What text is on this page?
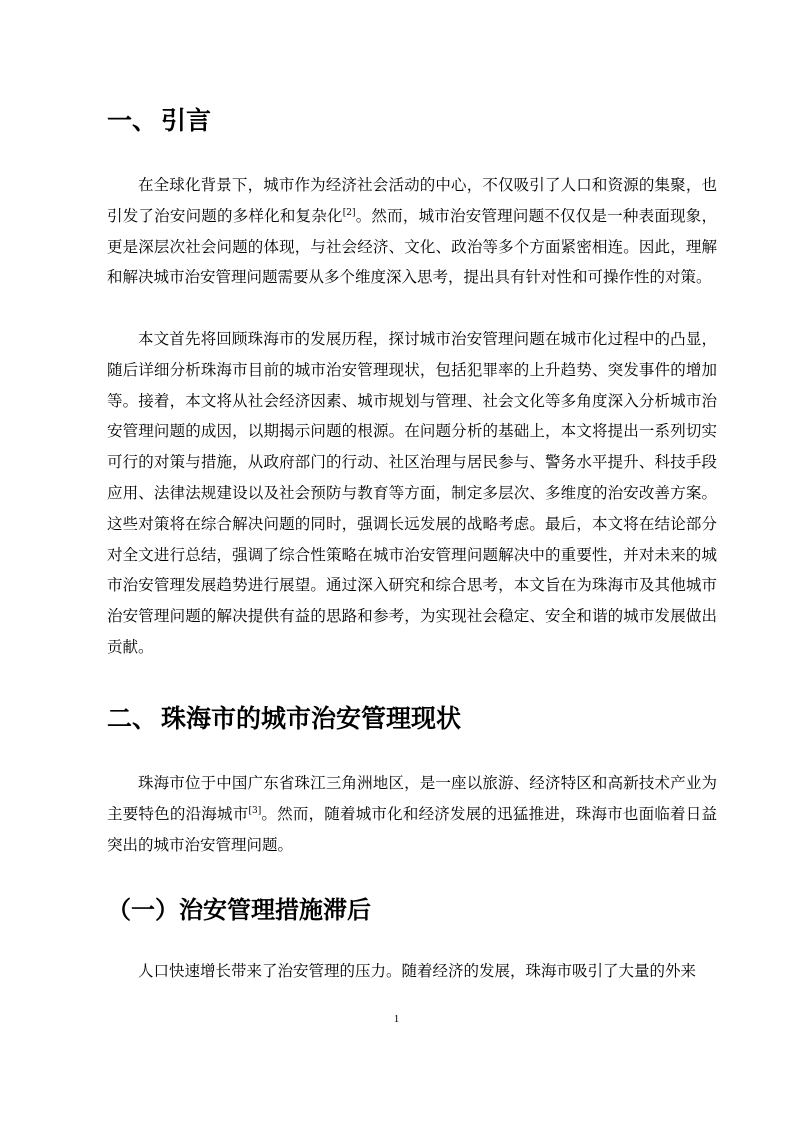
一、 引言

在全球化背景下，城市作为经济社会活动的中心，不仅吸引了人口和资源的集聚，也引发了治安问题的多样化和复杂化[2]。然而，城市治安管理问题不仅仅是一种表面现象，更是深层次社会问题的体现，与社会经济、文化、政治等多个方面紧密相连。因此，理解和解决城市治安管理问题需要从多个维度深入思考，提出具有针对性和可操作性的对策。

本文首先将回顾珠海市的发展历程，探讨城市治安管理问题在城市化过程中的凸显，随后详细分析珠海市目前的城市治安管理现状，包括犯罪率的上升趋势、突发事件的增加等。接着，本文将从社会经济因素、城市规划与管理、社会文化等多角度深入分析城市治安管理问题的成因，以期揭示问题的根源。在问题分析的基础上，本文将提出一系列切实可行的对策与措施，从政府部门的行动、社区治理与居民参与、警务水平提升、科技手段应用、法律法规建设以及社会预防与教育等方面，制定多层次、多维度的治安改善方案。这些对策将在综合解决问题的同时，强调长远发展的战略考虑。最后，本文将在结论部分对全文进行总结，强调了综合性策略在城市治安管理问题解决中的重要性，并对未来的城市治安管理发展趋势进行展望。通过深入研究和综合思考，本文旨在为珠海市及其他城市治安管理问题的解决提供有益的思路和参考，为实现社会稳定、安全和谐的城市发展做出贡献。

二、 珠海市的城市治安管理现状

珠海市位于中国广东省珠江三角洲地区，是一座以旅游、经济特区和高新技术产业为主要特色的沿海城市[3]。然而，随着城市化和经济发展的迅猛推进，珠海市也面临着日益突出的城市治安管理问题。

（一）治安管理措施滞后

人口快速增长带来了治安管理的压力。随着经济的发展，珠海市吸引了大量的外来

1
